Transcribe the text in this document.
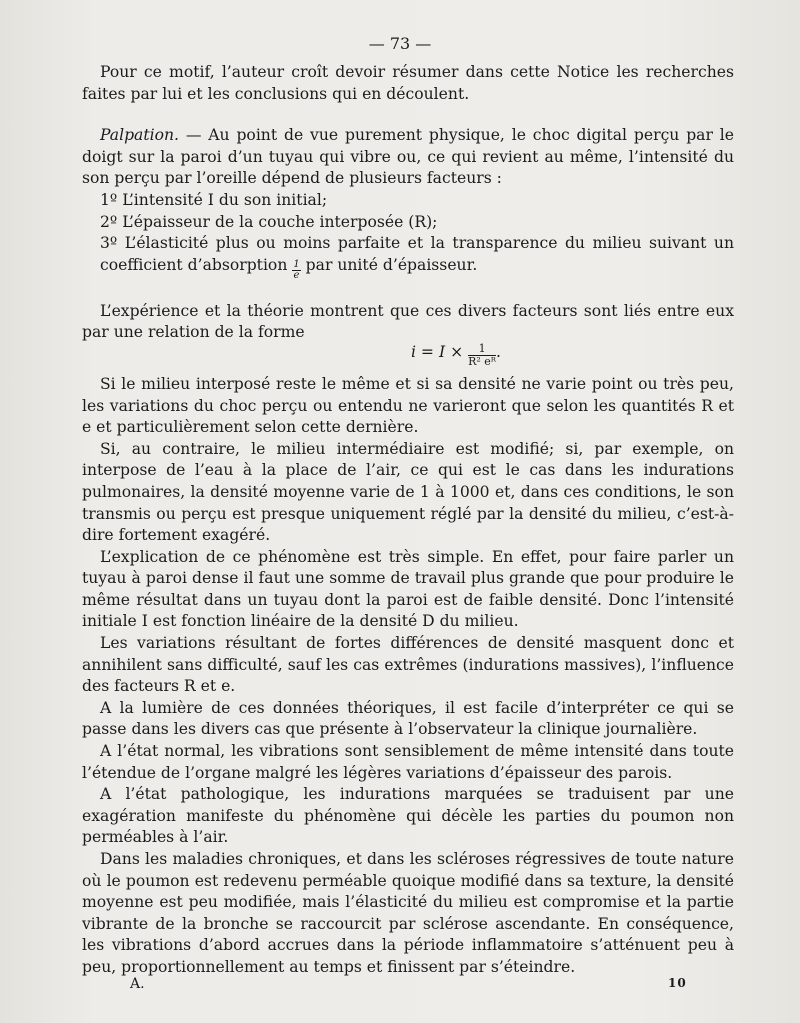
— 73 —

Pour ce motif, l’auteur croît devoir résumer dans cette Notice les recherches faites par lui et les conclusions qui en découlent.

Palpation. — Au point de vue purement physique, le choc digital perçu par le doigt sur la paroi d’un tuyau qui vibre ou, ce qui revient au même, l’intensité du son perçu par l’oreille dépend de plusieurs facteurs :

1º L’intensité I du son initial;

2º L’épaisseur de la couche interposée (R);

3º L’élasticité plus ou moins parfaite et la transparence du milieu suivant un coefficient d’absorption $\frac{1}{e}$ par unité d’épaisseur.

L’expérience et la théorie montrent que ces divers facteurs sont liés entre eux par une relation de la forme

$i = I \times \frac{1}{\text{R² eᴿ}}$.

Si le milieu interposé reste le même et si sa densité ne varie point ou très peu, les variations du choc perçu ou entendu ne varieront que selon les quantités R et e et particulièrement selon cette dernière.

Si, au contraire, le milieu intermédiaire est modifié; si, par exemple, on interpose de l’eau à la place de l’air, ce qui est le cas dans les indurations pulmonaires, la densité moyenne varie de 1 à 1000 et, dans ces conditions, le son transmis ou perçu est presque uniquement réglé par la densité du milieu, c’est-à-dire fortement exagéré.

L’explication de ce phénomène est très simple. En effet, pour faire parler un tuyau à paroi dense il faut une somme de travail plus grande que pour produire le même résultat dans un tuyau dont la paroi est de faible densité. Donc l’intensité initiale I est fonction linéaire de la densité D du milieu.

Les variations résultant de fortes différences de densité masquent donc et annihilent sans difficulté, sauf les cas extrêmes (indurations massives), l’influence des facteurs R et e.

A la lumière de ces données théoriques, il est facile d’interpréter ce qui se passe dans les divers cas que présente à l’observateur la clinique journalière.

A l’état normal, les vibrations sont sensiblement de même intensité dans toute l’étendue de l’organe malgré les légères variations d’épaisseur des parois.

A l’état pathologique, les indurations marquées se traduisent par une exagération manifeste du phénomène qui décèle les parties du poumon non perméables à l’air.

Dans les maladies chroniques, et dans les scléroses régressives de toute nature où le poumon est redevenu perméable quoique modifié dans sa texture, la densité moyenne est peu modifiée, mais l’élasticité du milieu est compromise et la partie vibrante de la bronche se raccourcit par sclérose ascendante. En conséquence, les vibrations d’abord accrues dans la période inflammatoire s’atténuent peu à peu, proportionnellement au temps et finissent par s’éteindre.

A.	10
